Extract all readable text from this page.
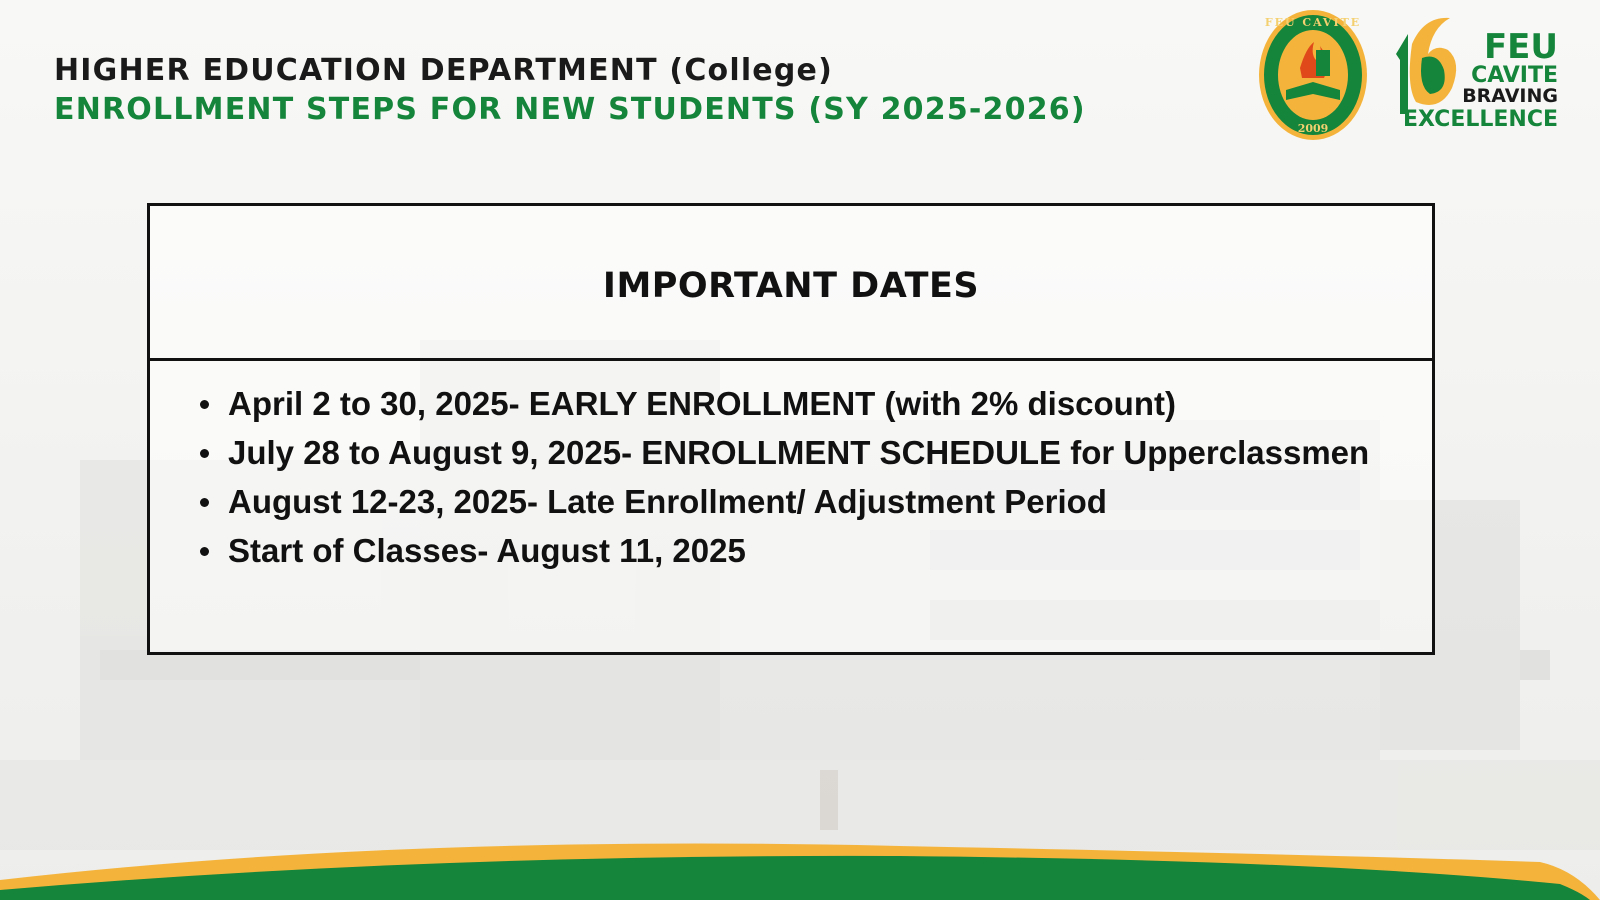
HIGHER EDUCATION DEPARTMENT (College)
ENROLLMENT STEPS FOR NEW STUDENTS (SY 2025-2026)
FEU CAVITE
2009
FEU
CAVITE
BRAVING
EXCELLENCE
IMPORTANT DATES
April 2 to 30, 2025- EARLY ENROLLMENT (with 2% discount)
July 28 to August 9, 2025- ENROLLMENT SCHEDULE for Upperclassmen
August 12-23, 2025- Late Enrollment/ Adjustment Period
Start of Classes- August 11, 2025
